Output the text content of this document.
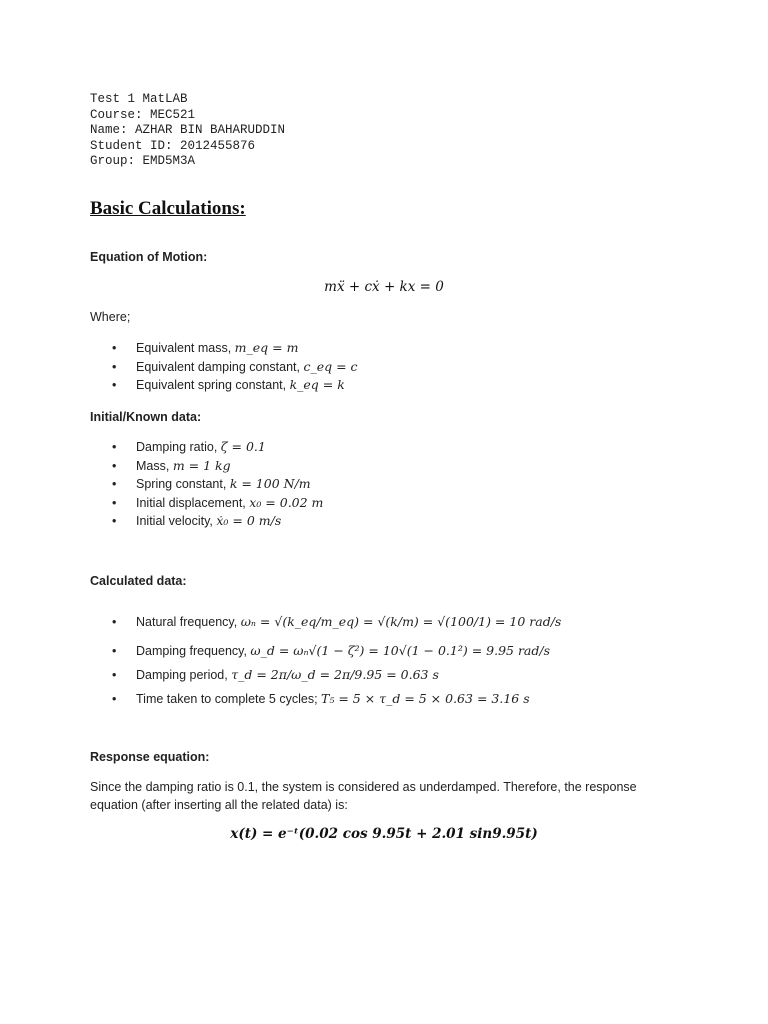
Test 1 MatLAB
Course: MEC521
Name: AZHAR BIN BAHARUDDIN
Student ID: 2012455876
Group: EMD5M3A
Basic Calculations:
Equation of Motion:
mẍ + cẋ + kx = 0
Where;
• Equivalent mass, m_eq = m
• Equivalent damping constant, c_eq = c
• Equivalent spring constant, k_eq = k
Initial/Known data:
• Damping ratio, ζ = 0.1
• Mass, m = 1 kg
• Spring constant, k = 100 N/m
• Initial displacement, x₀ = 0.02 m
• Initial velocity, ẋ₀ = 0 m/s
Calculated data:
• Natural frequency, ωₙ = √(k_eq/m_eq) = √(k/m) = √(100/1) = 10 rad/s
• Damping frequency, ω_d = ωₙ√(1 − ζ²) = 10√(1 − 0.1²) = 9.95 rad/s
• Damping period, τ_d = 2π/ω_d = 2π/9.95 = 0.63 s
• Time taken to complete 5 cycles; T₅ = 5 × τ_d = 5 × 0.63 = 3.16 s
Response equation:
Since the damping ratio is 0.1, the system is considered as underdamped. Therefore, the response
equation (after inserting all the related data) is:
x(t) = e⁻ᵗ(0.02 cos 9.95t + 2.01 sin9.95t)
